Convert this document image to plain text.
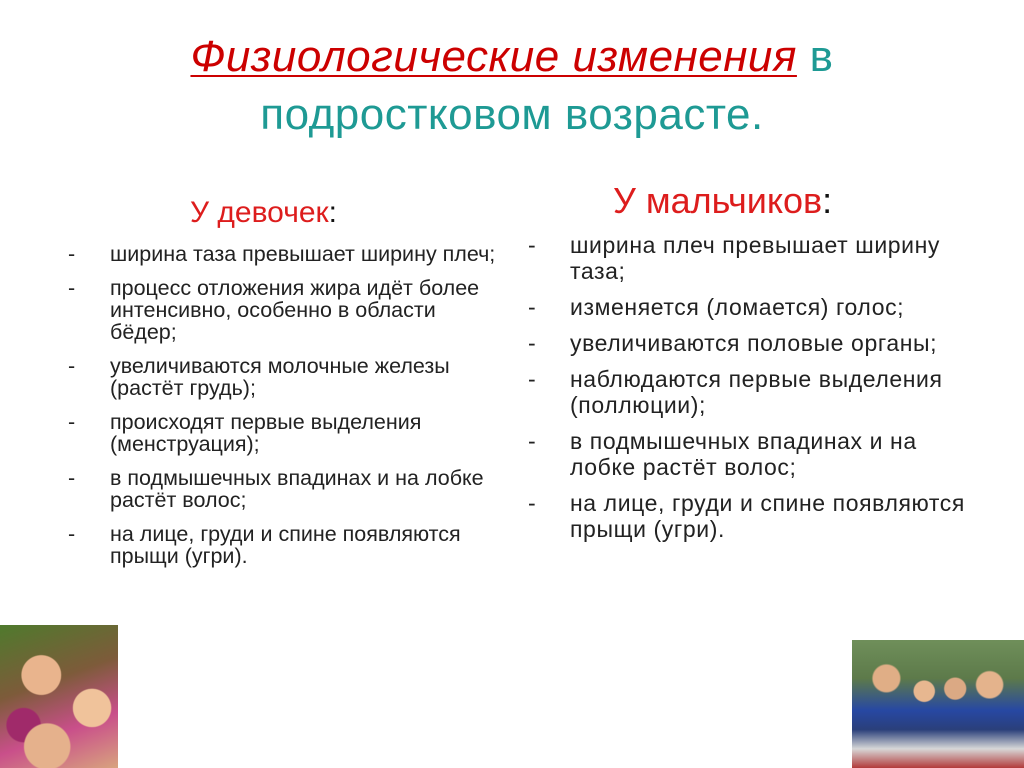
Физиологические изменения в
подростковом возрасте.
У девочек:	У мальчиков:
- ширина таза превышает ширину плеч;
- процесс отложения жира идёт более интенсивно, особенно в области бёдер;
- увеличиваются молочные железы (растёт грудь);
- происходят первые выделения (менструация);
- в подмышечных впадинах и на лобке растёт волос;
- на лице, груди и спине появляются прыщи (угри).
- ширина плеч превышает ширину таза;
- изменяется (ломается) голос;
- увеличиваются половые органы;
- наблюдаются первые выделения (поллюции);
- в подмышечных впадинах и на лобке растёт волос;
- на лице, груди и спине появляются прыщи (угри).
